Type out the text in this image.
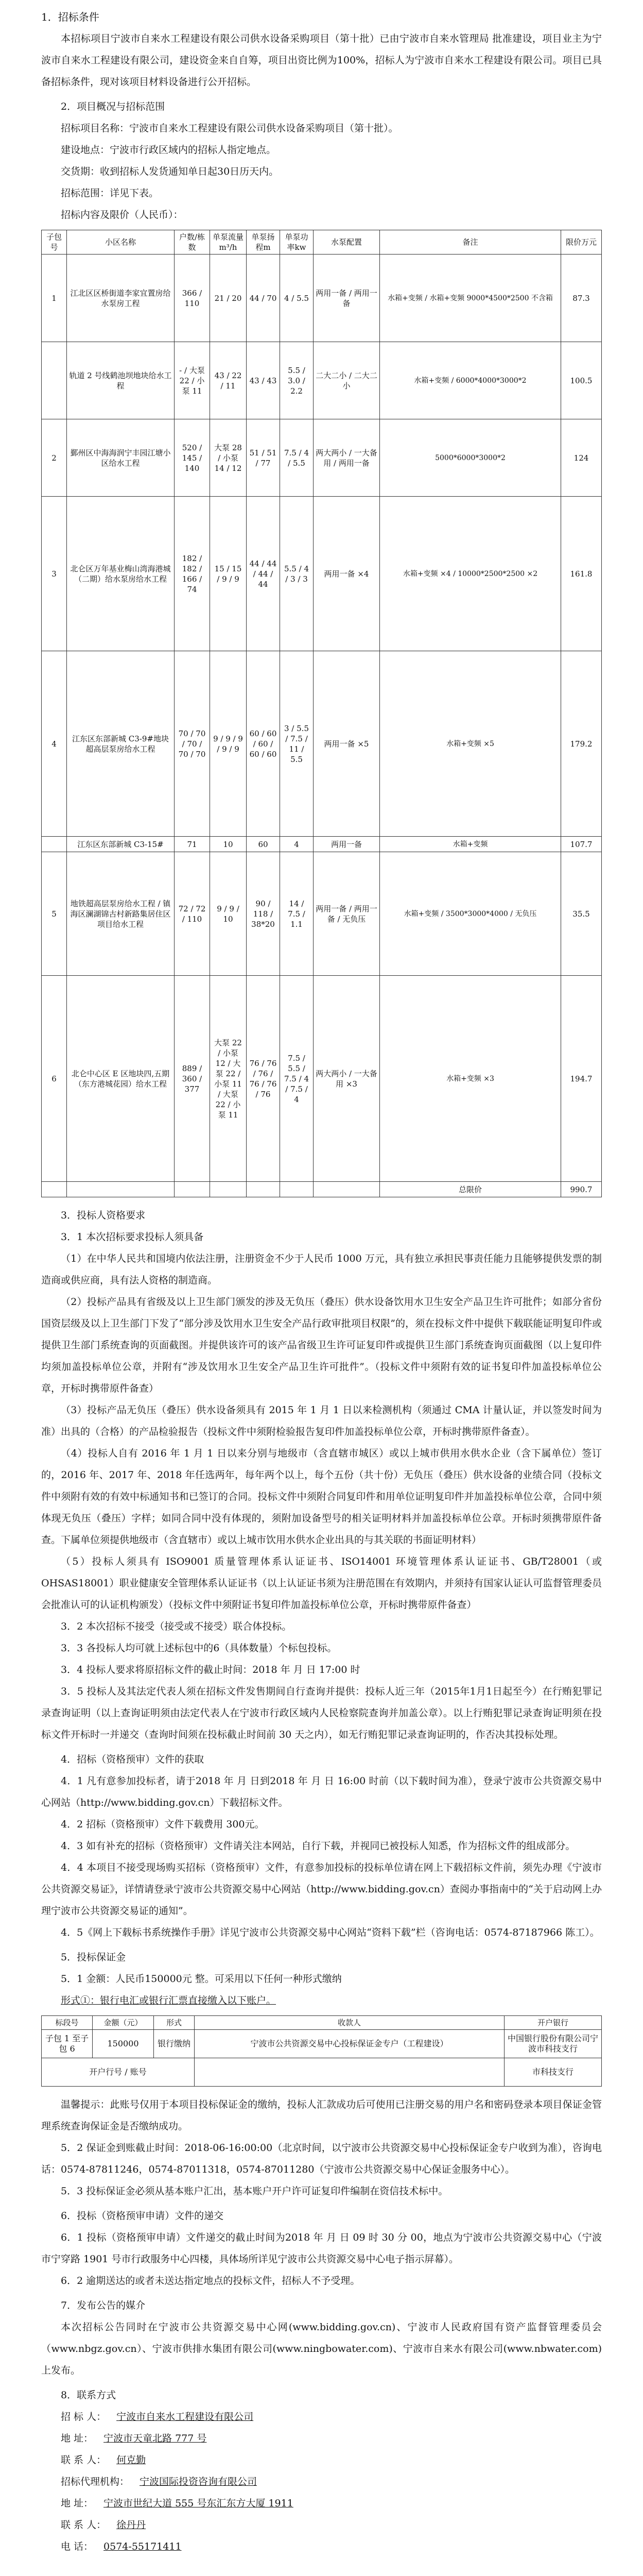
1．招标条件

本招标项目宁波市自来水工程建设有限公司供水设备采购项目（第十批）已由宁波市自来水管理局 批准建设，项目业主为宁波市自来水工程建设有限公司，建设资金来自自筹，项目出资比例为100%，招标人为宁波市自来水工程建设有限公司。项目已具备招标条件，现对该项目材料设备进行公开招标。

2．项目概况与招标范围

招标项目名称：宁波市自来水工程建设有限公司供水设备采购项目（第十批）。

建设地点：宁波市行政区域内的招标人指定地点。

交货期：收到招标人发货通知单日起30日历天内。

招标范围：详见下表。

招标内容及限价（人民币）：

子包号	小区名称	户数/栋数	单泵流量m³/h	单泵扬程m	单泵功率kw	水泵配置	备注	限价万元
1	江北区区桥街道李家宜置房给水泵房工程	366 / 110	21 / 20	44 / 70	4 / 5.5	两用一备 / 两用一备	水箱+变频 / 水箱+变频 9000*4500*2500 不含箱	87.3
	轨道 2 号线鹤池坝地块给水工程	- / 大泵 22 / 小泵 11	43 / 22 / 11	43 / 43	5.5 / 3.0 / 2.2	二大二小 / 二大二小	水箱+变频 / 6000*4000*3000*2	100.5
2	鄞州区中海海润宁丰园江塘小区给水工程	520 / 145 / 140	大泵 28 / 小泵 14 / 12	51 / 51 / 77	7.5 / 4 / 5.5	两大两小 / 一大备用 / 两用一备	5000*6000*3000*2	124
3	北仑区万年基业梅山湾海港城（二期）给水泵房给水工程	182 / 182 / 166 / 74	15 / 15 / 9 / 9	44 / 44 / 44 / 44	5.5 / 4 / 3 / 3	两用一备 ×4	水箱+变频 ×4 / 10000*2500*2500 ×2	161.8
4	江东区东部新城 C3-9#地块超高层泵房给水工程	70 / 70 / 70 / 70 / 70	9 / 9 / 9 / 9 / 9	60 / 60 / 60 / 60 / 60	3 / 5.5 / 7.5 / 11 / 5.5	两用一备 ×5	水箱+变频 ×5	179.2
	江东区东部新城 C3-15#	71	10	60	4	两用一备	水箱+变频	107.7
5	地铁超高层泵房给水工程 / 镇海区澜湖锦古村新路集居住区项目给水工程	72 / 72 / 110	9 / 9 / 10	90 / 118 / 38*20	14 / 7.5 / 1.1	两用一备 / 两用一备 / 无负压	水箱+变频 / 3500*3000*4000 / 无负压	35.5
6	北仑中心区 E 区地块四,五期（东方港城花园）给水工程	889 / 360 / 377	大泵 22 / 小泵 12 / 大泵 22 / 小泵 11 / 大泵 22 / 小泵 11	76 / 76 / 76 / 76 / 76 / 76	7.5 / 5.5 / 7.5 / 4 / 7.5 / 4	两大两小 / 一大备用 ×3	水箱+变频 ×3	194.7
							总限价	990.7
3．投标人资格要求

3．1 本次招标要求投标人须具备

（1）在中华人民共和国境内依法注册，注册资金不少于人民币 1000 万元，具有独立承担民事责任能力且能够提供发票的制造商或供应商，具有法人资格的制造商。

（2）投标产品具有省级及以上卫生部门颁发的涉及无负压（叠压）供水设备饮用水卫生安全产品卫生许可批件；如部分省份国资层级及以上卫生部门下发了“部分涉及饮用水卫生安全产品行政审批项目权限”的，须在投标文件中提供下载联能证明复印件或提供卫生部门系统查询的页面截图。并提供该许可的该产品省级卫生许可证复印件或提供卫生部门系统查询页面截图（以上复印件均须加盖投标单位公章，并附有“涉及饮用水卫生安全产品卫生许可批件”。（投标文件中须附有效的证书复印件加盖投标单位公章，开标时携带原件备查）

（3）投标产品无负压（叠压）供水设备须具有 2015 年 1 月 1 日以来检测机构（须通过 CMA 计量认证，并以签发时间为准）出具的（合格）的产品检验报告（投标文件中须附检验报告复印件加盖投标单位公章，开标时携带原件备查）。

（4）投标人自有 2016 年 1 月 1 日以来分别与地级市（含直辖市城区）或以上城市供用水供水企业（含下属单位）签订的，2016 年、2017 年、2018 年任选两年，每年两个以上，每个五份（共十份）无负压（叠压）供水设备的业绩合同（投标文件中须附有效的有效中标通知书和已签订的合同。投标文件中须附合同复印件和用单位证明复印件并加盖投标单位公章，合同中须体现无负压（叠压）字样；如同合同中没有体现的，须附加设备型号的相关证明材料并加盖投标单位公章。开标时须携带原件备查。下属单位须提供地级市（含直辖市）或以上城市饮用水供水企业出具的与其关联的书面证明材料）

（5）投标人须具有 ISO9001 质量管理体系认证证书、ISO14001 环境管理体系认证证书、GB/T28001（或 OHSAS18001）职业健康安全管理体系认证证书（以上认证证书须为注册范围在有效期内，并须持有国家认证认可监督管理委员会批准认可的认证机构颁发）（投标文件中须附证书复印件加盖投标单位公章，开标时携带原件备查）

3．2 本次招标不接受（接受或不接受）联合体投标。

3．3 各投标人均可就上述标包中的6（具体数量）个标包投标。

3．4 投标人要求将原招标文件的截止时间：2018 年 月 日 17:00 时

3．5 投标人及其法定代表人须在招标文件发售期间自行查询并提供：投标人近三年（2015年1月1日起至今）在行贿犯罪记录查询证明（以上查询证明须由法定代表人在宁波市行政区域内人民检察院查询并加盖公章）。以上行贿犯罪记录查询证明须在投标文件开标时一并递交（查询时间须在投标截止时间前 30 天之内），如无行贿犯罪记录查询证明的，作否决其投标处理。

4．招标（资格预审）文件的获取

4．1 凡有意参加投标者，请于2018 年 月 日到2018 年 月 日 16:00 时前（以下载时间为准），登录宁波市公共资源交易中心网站（http://www.bidding.gov.cn）下载招标文件。

4．2 招标（资格预审）文件下载费用 300元。

4．3 如有补充的招标（资格预审）文件请关注本网站，自行下载，并视同已被投标人知悉，作为招标文件的组成部分。

4．4 本项目不接受现场购买招标（资格预审）文件，有意参加投标的投标单位请在网上下载招标文件前，须先办理《宁波市公共资源交易证》，详情请登录宁波市公共资源交易中心网站（http://www.bidding.gov.cn）查阅办事指南中的“关于启动网上办理宁波市公共资源交易证的通知”。

4．5《网上下载标书系统操作手册》详见宁波市公共资源交易中心网站“资料下载”栏（咨询电话：0574-87187966 陈工）。

5．投标保证金

5．1 金额：人民币150000元 整。可采用以下任何一种形式缴纳

形式①：银行电汇或银行汇票直接缴入以下账户。

标段号	金额（元）	形式	收款人	开户银行
子包 1 至子包 6	150000	银行缴纳	宁波市公共资源交易中心投标保证金专户（工程建设）	中国银行股份有限公司宁波市科技支行
开户行号 / 账号				市科技支行

温馨提示：此账号仅用于本项目投标保证金的缴纳，投标人汇款成功后可使用已注册交易的用户名和密码登录本项目保证金管理系统查询保证金是否缴纳成功。

5．2 保证金到账截止时间：2018-06-16:00:00（北京时间，以宁波市公共资源交易中心投标保证金专户收到为准），咨询电话：0574-87811246，0574-87011318，0574-87011280（宁波市公共资源交易中心保证金服务中心）。

5．3 投标保证金必须从基本账户汇出，基本账户开户许可证复印件编制在资信技术标中。

6．投标（资格预审申请）文件的递交

6．1 投标（资格预审申请）文件递交的截止时间为2018 年 月 日 09 时 30 分 00，地点为宁波市公共资源交易中心（宁波市宁穿路 1901 号市行政服务中心四楼，具体场所详见宁波市公共资源交易中心电子指示屏幕）。

6．2 逾期送达的或者未送达指定地点的投标文件，招标人不予受理。

7．发布公告的媒介

本次招标公告同时在宁波市公共资源交易中心网(www.bidding.gov.cn)、宁波市人民政府国有资产监督管理委员会（www.nbgz.gov.cn）、宁波市供排水集团有限公司(www.ningbowater.com)、宁波市自来水有限公司(www.nbwater.com)上发布。

8．联系方式
招 标 人： 宁波市自来水工程建设有限公司
地 址： 宁波市天童北路 777 号
联 系 人： 何克勤
招标代理机构： 宁波国际投资咨询有限公司
地 址： 宁波市世纪大道 555 号东汇东方大厦 1911
联 系 人： 徐丹丹
电 话： 0574-55171411
